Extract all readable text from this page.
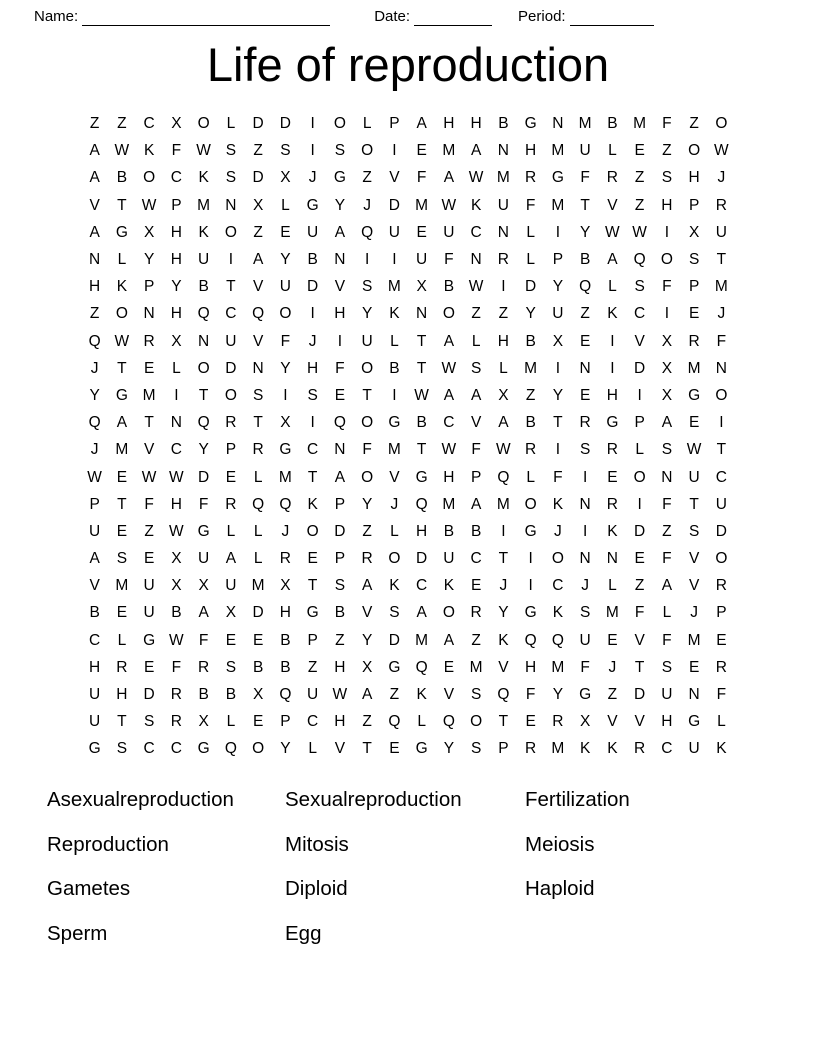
Name:	Date:	Period:
Life of reproduction
Z	Z	C	X	O	L	D	D	I	O	L	P	A	H	H	B	G	N M	B	M	F	Z	O
A W K	F W S	Z	S	I	S	O	I	E	M	A	N	H M U	L	E	Z	O W
A	B	O	C	K	S	D	X	J	G	Z	V	F	A W M R	G	F	R	Z	S	H	J
V	T W P	M N	X	L	G	Y	J	D M W K	U	F	M	T	V	Z	H	P	R
A	G	X	H	K	O	Z	E	U	A	Q	U	E	U	C	N	L	I	Y W W	I	X	U
N	L	Y	H	U	I	A	Y	B	N	I	I	U	F	N	R	L	P	B	A	Q O	S	T
H	K	P	Y	B	T	V	U	D	V	S	M	X	B W	I	D	Y	Q	L	S	F	P	M
Z	O	N	H	Q	C	Q O	I	H	Y	K	N	O	Z	Z	Y	U	Z	K	C	I	E	J
Q W R	X	N	U	V	F	J	I	U	L	T	A	L	H	B	X	E	I	V	X	R	F
J	T	E	L	O	D	N	Y	H	F	O	B	T W S	L	M	I	N	I	D	X	M N
Y	G M	I	T	O	S	I	S	E	T	I	W A	A	X	Z	Y	E	H	I	X	G O
Q	A	T	N	Q	R	T	X	I	Q O G	B	C	V	A	B	T	R	G	P	A	E	I
J	M	V	C	Y	P	R	G	C	N	F	M	T W F W R	I	S	R	L	S W T
W E W W D	E	L	M	T	A	O	V	G	H	P	Q	L	F	I	E	O	N	U	C
P	T	F	H	F	R	Q Q	K	P	Y	J	Q M	A	M O	K	N	R	I	F	T	U
U	E	Z W G	L	L	J	O	D	Z	L	H	B	B	I	G	J	I	K	D	Z	S	D
A	S	E	X	U	A	L	R	E	P	R	O	D	U	C	T	I	O	N	N	E	F	V	O
V	M U	X	X	U M	X	T	S	A	K	C	K	E	J	I	C	J	L	Z	A	V	R
B	E	U	B	A	X	D	H	G	B	V	S	A	O	R	Y	G	K	S	M	F	L	J	P
C	L	G W F	E	E	B	P	Z	Y	D M	A	Z	K	Q Q	U	E	V	F	M	E
H	R	E	F	R	S	B	B	Z	H	X	G Q	E	M	V	H M	F	J	T	S	E	R
U	H	D	R	B	B	X	Q	U W A	Z	K	V	S	Q	F	Y	G	Z	D	U	N	F
U	T	S	R	X	L	E	P	C	H	Z	Q	L	Q O	T	E	R	X	V	V	H	G	L
G	S	C	C	G Q O	Y	L	V	T	E	G	Y	S	P	R M	K	K	R	C	U	K
Asexualreproduction	Sexualreproduction	Fertilization
Reproduction	Mitosis	Meiosis
Gametes	Diploid	Haploid
Sperm	Egg
